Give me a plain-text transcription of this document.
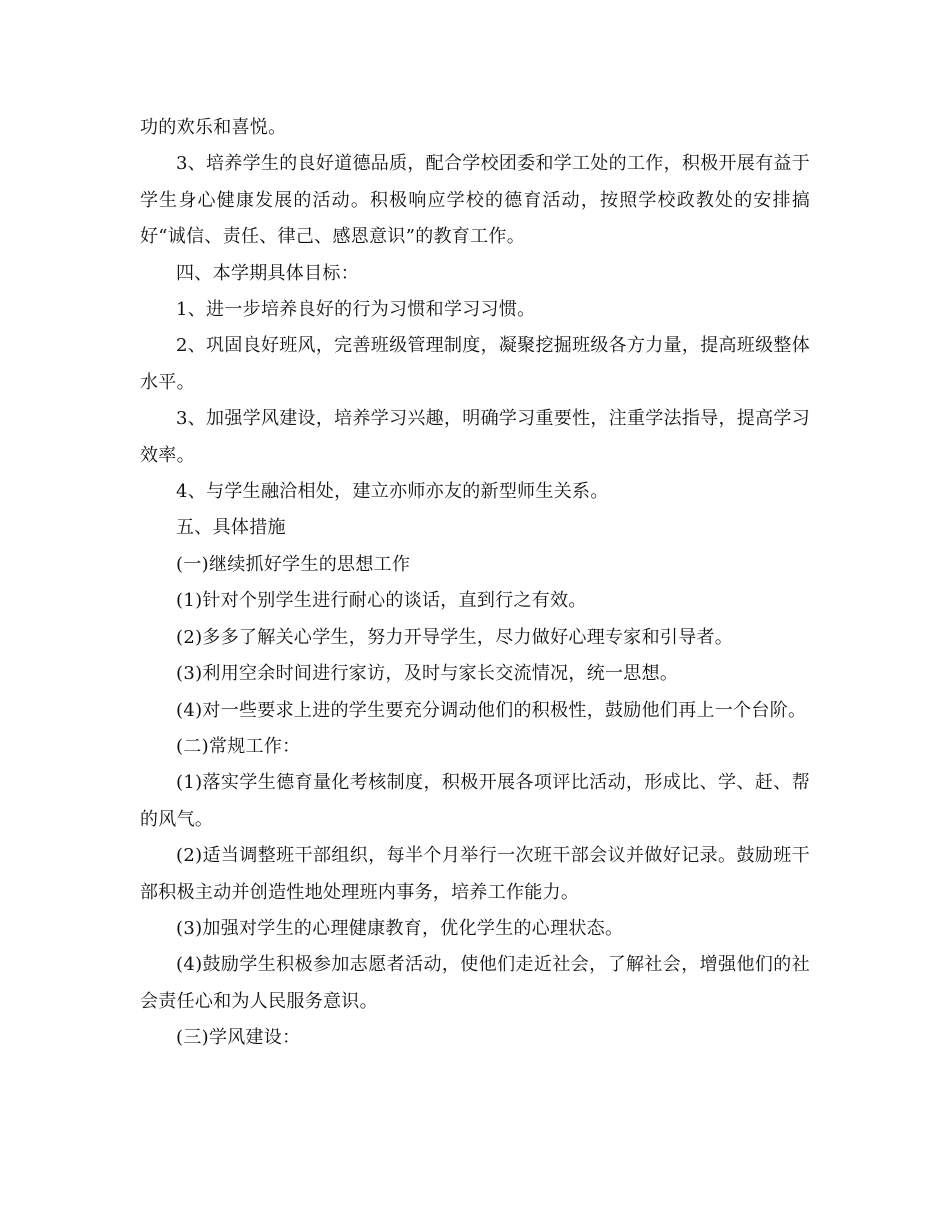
功的欢乐和喜悦。

3、培养学生的良好道德品质，配合学校团委和学工处的工作，积极开展有益于学生身心健康发展的活动。积极响应学校的德育活动，按照学校政教处的安排搞好“诚信、责任、律己、感恩意识”的教育工作。

四、本学期具体目标：

1、进一步培养良好的行为习惯和学习习惯。

2、巩固良好班风，完善班级管理制度，凝聚挖掘班级各方力量，提高班级整体水平。

3、加强学风建设，培养学习兴趣，明确学习重要性，注重学法指导，提高学习效率。

4、与学生融洽相处，建立亦师亦友的新型师生关系。

五、具体措施

(一)继续抓好学生的思想工作

(1)针对个别学生进行耐心的谈话，直到行之有效。

(2)多多了解关心学生，努力开导学生，尽力做好心理专家和引导者。

(3)利用空余时间进行家访，及时与家长交流情况，统一思想。

(4)对一些要求上进的学生要充分调动他们的积极性，鼓励他们再上一个台阶。

(二)常规工作：

(1)落实学生德育量化考核制度，积极开展各项评比活动，形成比、学、赶、帮的风气。

(2)适当调整班干部组织，每半个月举行一次班干部会议并做好记录。鼓励班干部积极主动并创造性地处理班内事务，培养工作能力。

(3)加强对学生的心理健康教育，优化学生的心理状态。

(4)鼓励学生积极参加志愿者活动，使他们走近社会，了解社会，增强他们的社会责任心和为人民服务意识。

(三)学风建设：
